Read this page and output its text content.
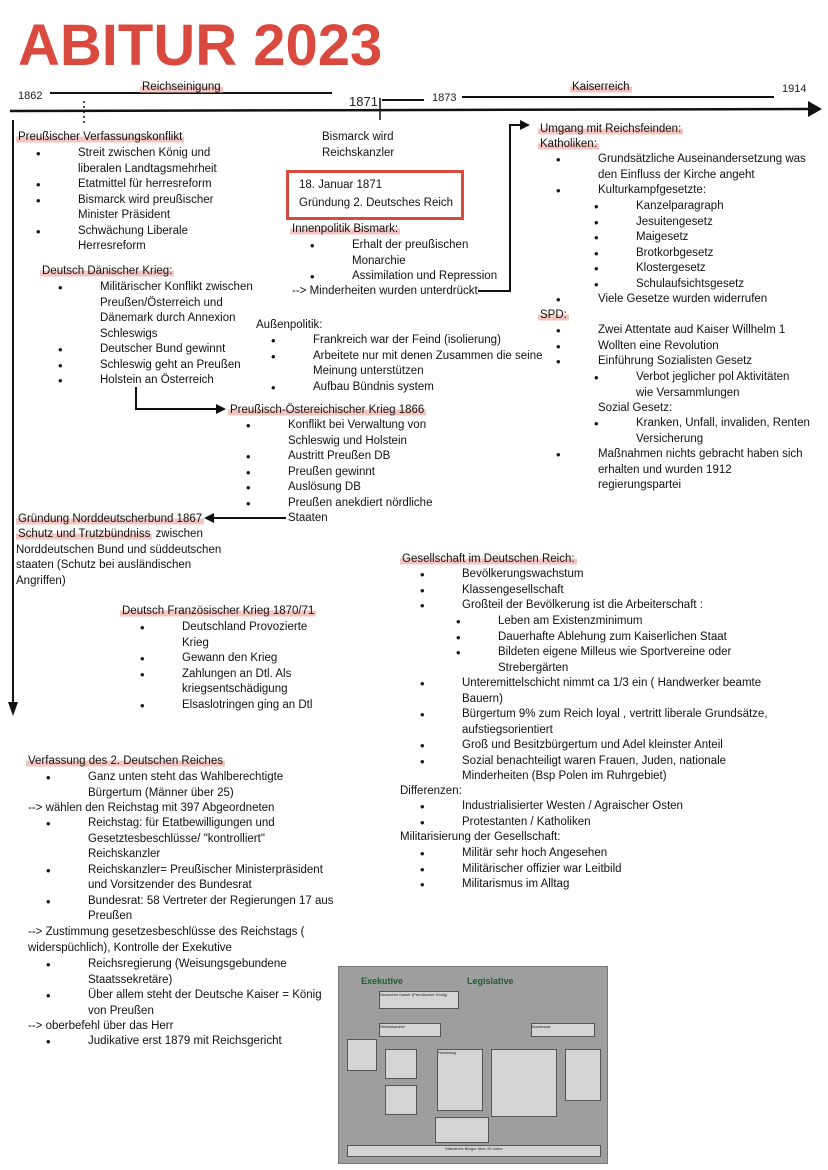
ABITUR 2023
1862
Reichseinigung
1871	1873
Kaiserreich	1914
Preußischer Verfassungskonflikt
• Streit zwischen König und liberalen Landtagsmehrheit
• Etatmittel für herresreform
• Bismarck wird preußischer Minister Präsident
• Schwächung Liberale Herresreform
Bismarck wird Reichskanzler
18. Januar 1871
Gründung 2. Deutsches Reich
Innenpolitik Bismark:
• Erhalt der preußischen Monarchie
• Assimilation und Repression
--> Minderheiten wurden unterdrückt
Außenpolitik:
• Frankreich war der Feind (isolierung)
• Arbeitete nur mit denen Zusammen die seine Meinung unterstützen
• Aufbau Bündnis system
Deutsch Dänischer Krieg:
• Militärischer Konflikt zwischen Preußen/Österreich und Dänemark durch Annexion Schleswigs
• Deutscher Bund gewinnt
• Schleswig geht an Preußen
• Holstein an Österreich
Preußisch-Östereichischer Krieg 1866
• Konflikt bei Verwaltung von Schleswig und Holstein
• Austritt Preußen DB
• Preußen gewinnt
• Auslösung DB
• Preußen anekdiert nördliche Staaten
Gründung Norddeutscherbund 1867
Schutz und Trutzbündniss zwischen Norddeutschen Bund und süddeutschen staaten (Schutz bei ausländischen Angriffen)
Deutsch Französischer Krieg 1870/71
• Deutschland Provozierte Krieg
• Gewann den Krieg
• Zahlungen an Dtl. Als kriegsentschädigung
• Elsaslotringen ging an Dtl
Umgang mit Reichsfeinden:
Katholiken:
• Grundsätzliche Auseinandersetzung was den Einfluss der Kirche angeht
• Kulturkampfgesetzte:
• Kanzelparagraph
• Jesuitengesetz
• Maigesetz
• Brotkorbgesetz
• Klostergesetz
• Schulaufsichtsgesetz
• Viele Gesetze wurden widerrufen
SPD:
• Zwei Attentate aud Kaiser Willhelm 1
• Wollten eine Revolution
• Einführung Sozialisten Gesetz
• Verbot jeglicher pol Aktivitäten wie Versammlungen
Sozial Gesetz:
• Kranken, Unfall, invaliden, Renten Versicherung
• Maßnahmen nichts gebracht haben sich erhalten und wurden 1912 regierungspartei
Gesellschaft im Deutschen Reich:
• Bevölkerungswachstum
• Klassengesellschaft
• Großteil der Bevölkerung ist die Arbeiterschaft :
• Leben am Existenzminimum
• Dauerhafte Ablehung zum Kaiserlichen Staat
• Bildeten eigene Milleus wie Sportvereine oder Strebergärten
• Unteremittelschicht nimmt ca 1/3 ein ( Handwerker beamte Bauern)
• Bürgertum 9% zum Reich loyal , vertritt liberale Grundsätze, aufstiegsorientiert
• Groß und Besitzbürgertum und Adel kleinster Anteil
• Sozial benachteiligt waren Frauen, Juden, nationale Minderheiten (Bsp Polen im Ruhrgebiet)
Differenzen:
• Industrialisierter Westen / Agraischer Osten
• Protestanten / Katholiken
Militarisierung der Gesellschaft:
• Militär sehr hoch Angesehen
• Militärischer offizier war Leitbild
• Militarismus im Alltag
Verfassung des 2. Deutschen Reiches
• Ganz unten steht das Wahlberechtigte Bürgertum (Männer über 25)
--> wählen den Reichstag mit 397 Abgeordneten
• Reichstag: für Etatbewilligungen und Gesetztesbeschlüsse/ "kontrolliert" Reichskanzler
• Reichskanzler= Preußischer Ministerpräsident und Vorsitzender des Bundesrat
• Bundesrat: 58 Vertreter der Regierungen 17 aus Preußen
--> Zustimmung gesetzesbeschlüsse des Reichstags ( widerspüchlich), Kontrolle der Exekutive
• Reichsregierung (Weisungsgebundene Staatssekretäre)
• Über allem steht der Deutsche Kaiser = König von Preußen
--> oberbefehl über das Herr
• Judikative erst 1879 mit Reichsgericht
Exekutive	Legislative
Deutscher Kaiser (Preußischer König)
Reichskanzler	Bundesrat
Reichstag
Männliche Bürger über 25 Jahre
